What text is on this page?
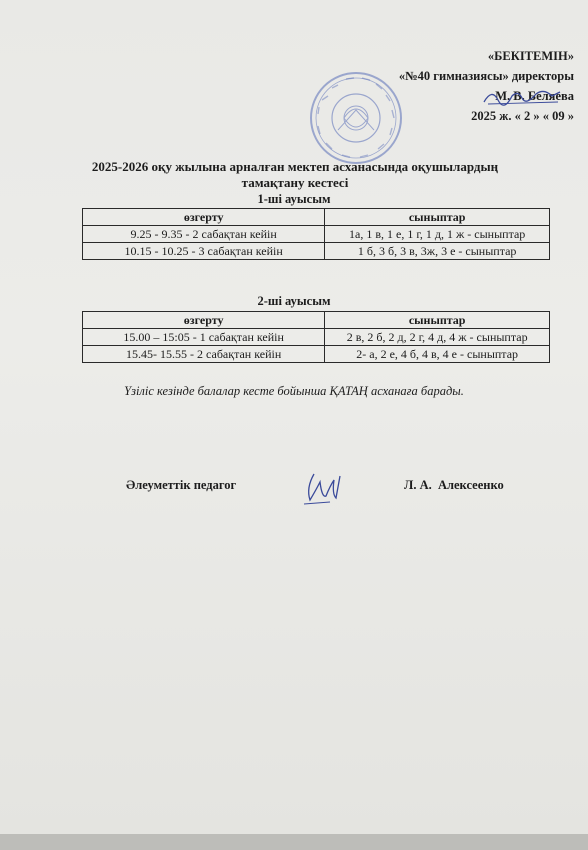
«БЕКІТЕМІН»
«№40 гимназиясы» директоры
М. В. Беляева
2025 ж. « 2 » « 09 »
2025-2026 оқу жылына арналған мектеп асханасында оқушылардың
тамақтану кестесі
1-ші ауысым
өзгерту	сыныптар
9.25 - 9.35 - 2 сабақтан кейін	1а, 1 в, 1 е, 1 г, 1 д, 1 ж - сыныптар
10.15 - 10.25 - 3 сабақтан кейін	1 б, 3 б, 3 в, 3ж, 3 е - сыныптар
2-ші ауысым
өзгерту	сыныптар
15.00 – 15:05 - 1 сабақтан кейін	2 в, 2 б, 2 д, 2 г, 4 д, 4 ж - сыныптар
15.45- 15.55 - 2 сабақтан кейін	2- а, 2 е, 4 б, 4 в, 4 е - сыныптар
Үзіліс кезінде балалар кесте бойынша ҚАТАҢ асханаға барады.
Әлеуметтік педагог	Л. А.  Алексеенко
